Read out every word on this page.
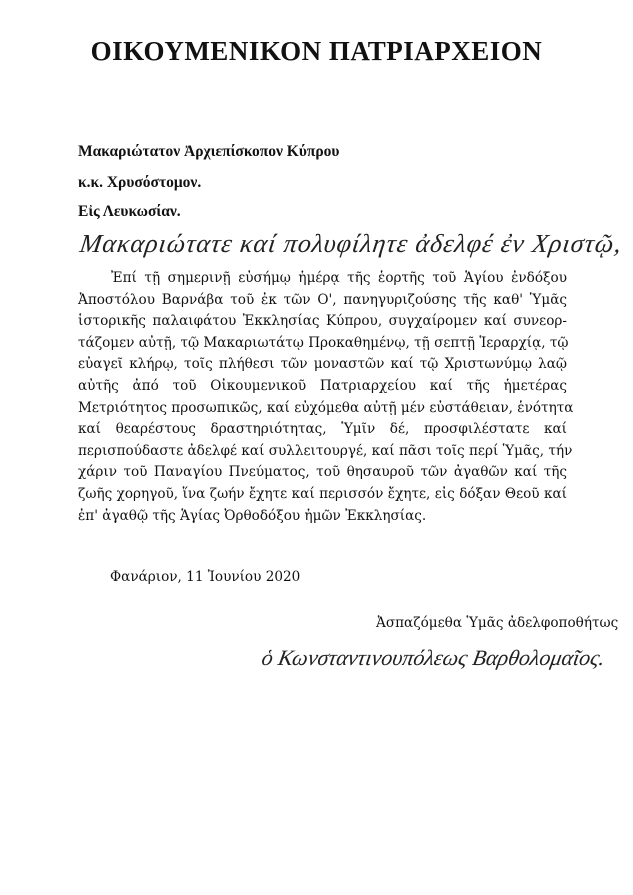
ΟΙΚΟΥΜΕΝΙΚΟΝ ΠΑΤΡΙΑΡΧΕΙΟΝ
Μακαριώτατον Ἀρχιεπίσκοπον Κύπρου
κ.κ. Χρυσόστομον.
Εἰς Λευκωσίαν.
Μακαριώτατε καί πολυφίλητε ἀδελφέ ἐν Χριστῷ,
Ἐπί τῇ σημερινῇ εὐσήμῳ ἡμέρᾳ τῆς ἑορτῆς τοῦ Ἁγίου ἐνδόξου
Ἀποστόλου Βαρνάβα τοῦ ἐκ τῶν Ο', πανηγυριζούσης τῆς καθ' Ὑμᾶς
ἱστορικῆς παλαιφάτου Ἐκκλησίας Κύπρου, συγχαίρομεν καί συνεορ-
τάζομεν αὐτῇ, τῷ Μακαριωτάτῳ Προκαθημένῳ, τῇ σεπτῇ Ἱεραρχίᾳ, τῷ
εὐαγεῖ κλήρῳ, τοῖς πλήθεσι τῶν μοναστῶν καί τῷ Χριστωνύμῳ λαῷ
αὐτῆς ἀπό τοῦ Οἰκουμενικοῦ Πατριαρχείου καί τῆς ἡμετέρας
Μετριότητος προσωπικῶς, καί εὐχόμεθα αὐτῇ μέν εὐστάθειαν, ἑνότητα
καί θεαρέστους δραστηριότητας, Ὑμῖν δέ, προσφιλέστατε καί
περισπούδαστε ἀδελφέ καί συλλειτουργέ, καί πᾶσι τοῖς περί Ὑμᾶς, τήν
χάριν τοῦ Παναγίου Πνεύματος, τοῦ θησαυροῦ τῶν ἀγαθῶν καί τῆς
ζωῆς χορηγοῦ, ἵνα ζωήν ἔχητε καί περισσόν ἔχητε, εἰς δόξαν Θεοῦ καί
ἐπ' ἀγαθῷ τῆς Ἁγίας Ὀρθοδόξου ἡμῶν Ἐκκλησίας.
Φανάριον, 11 Ἰουνίου 2020
Ἀσπαζόμεθα Ὑμᾶς ἀδελφοποθήτως
ὁ Κωνσταντινουπόλεως Βαρθολομαῖος.
